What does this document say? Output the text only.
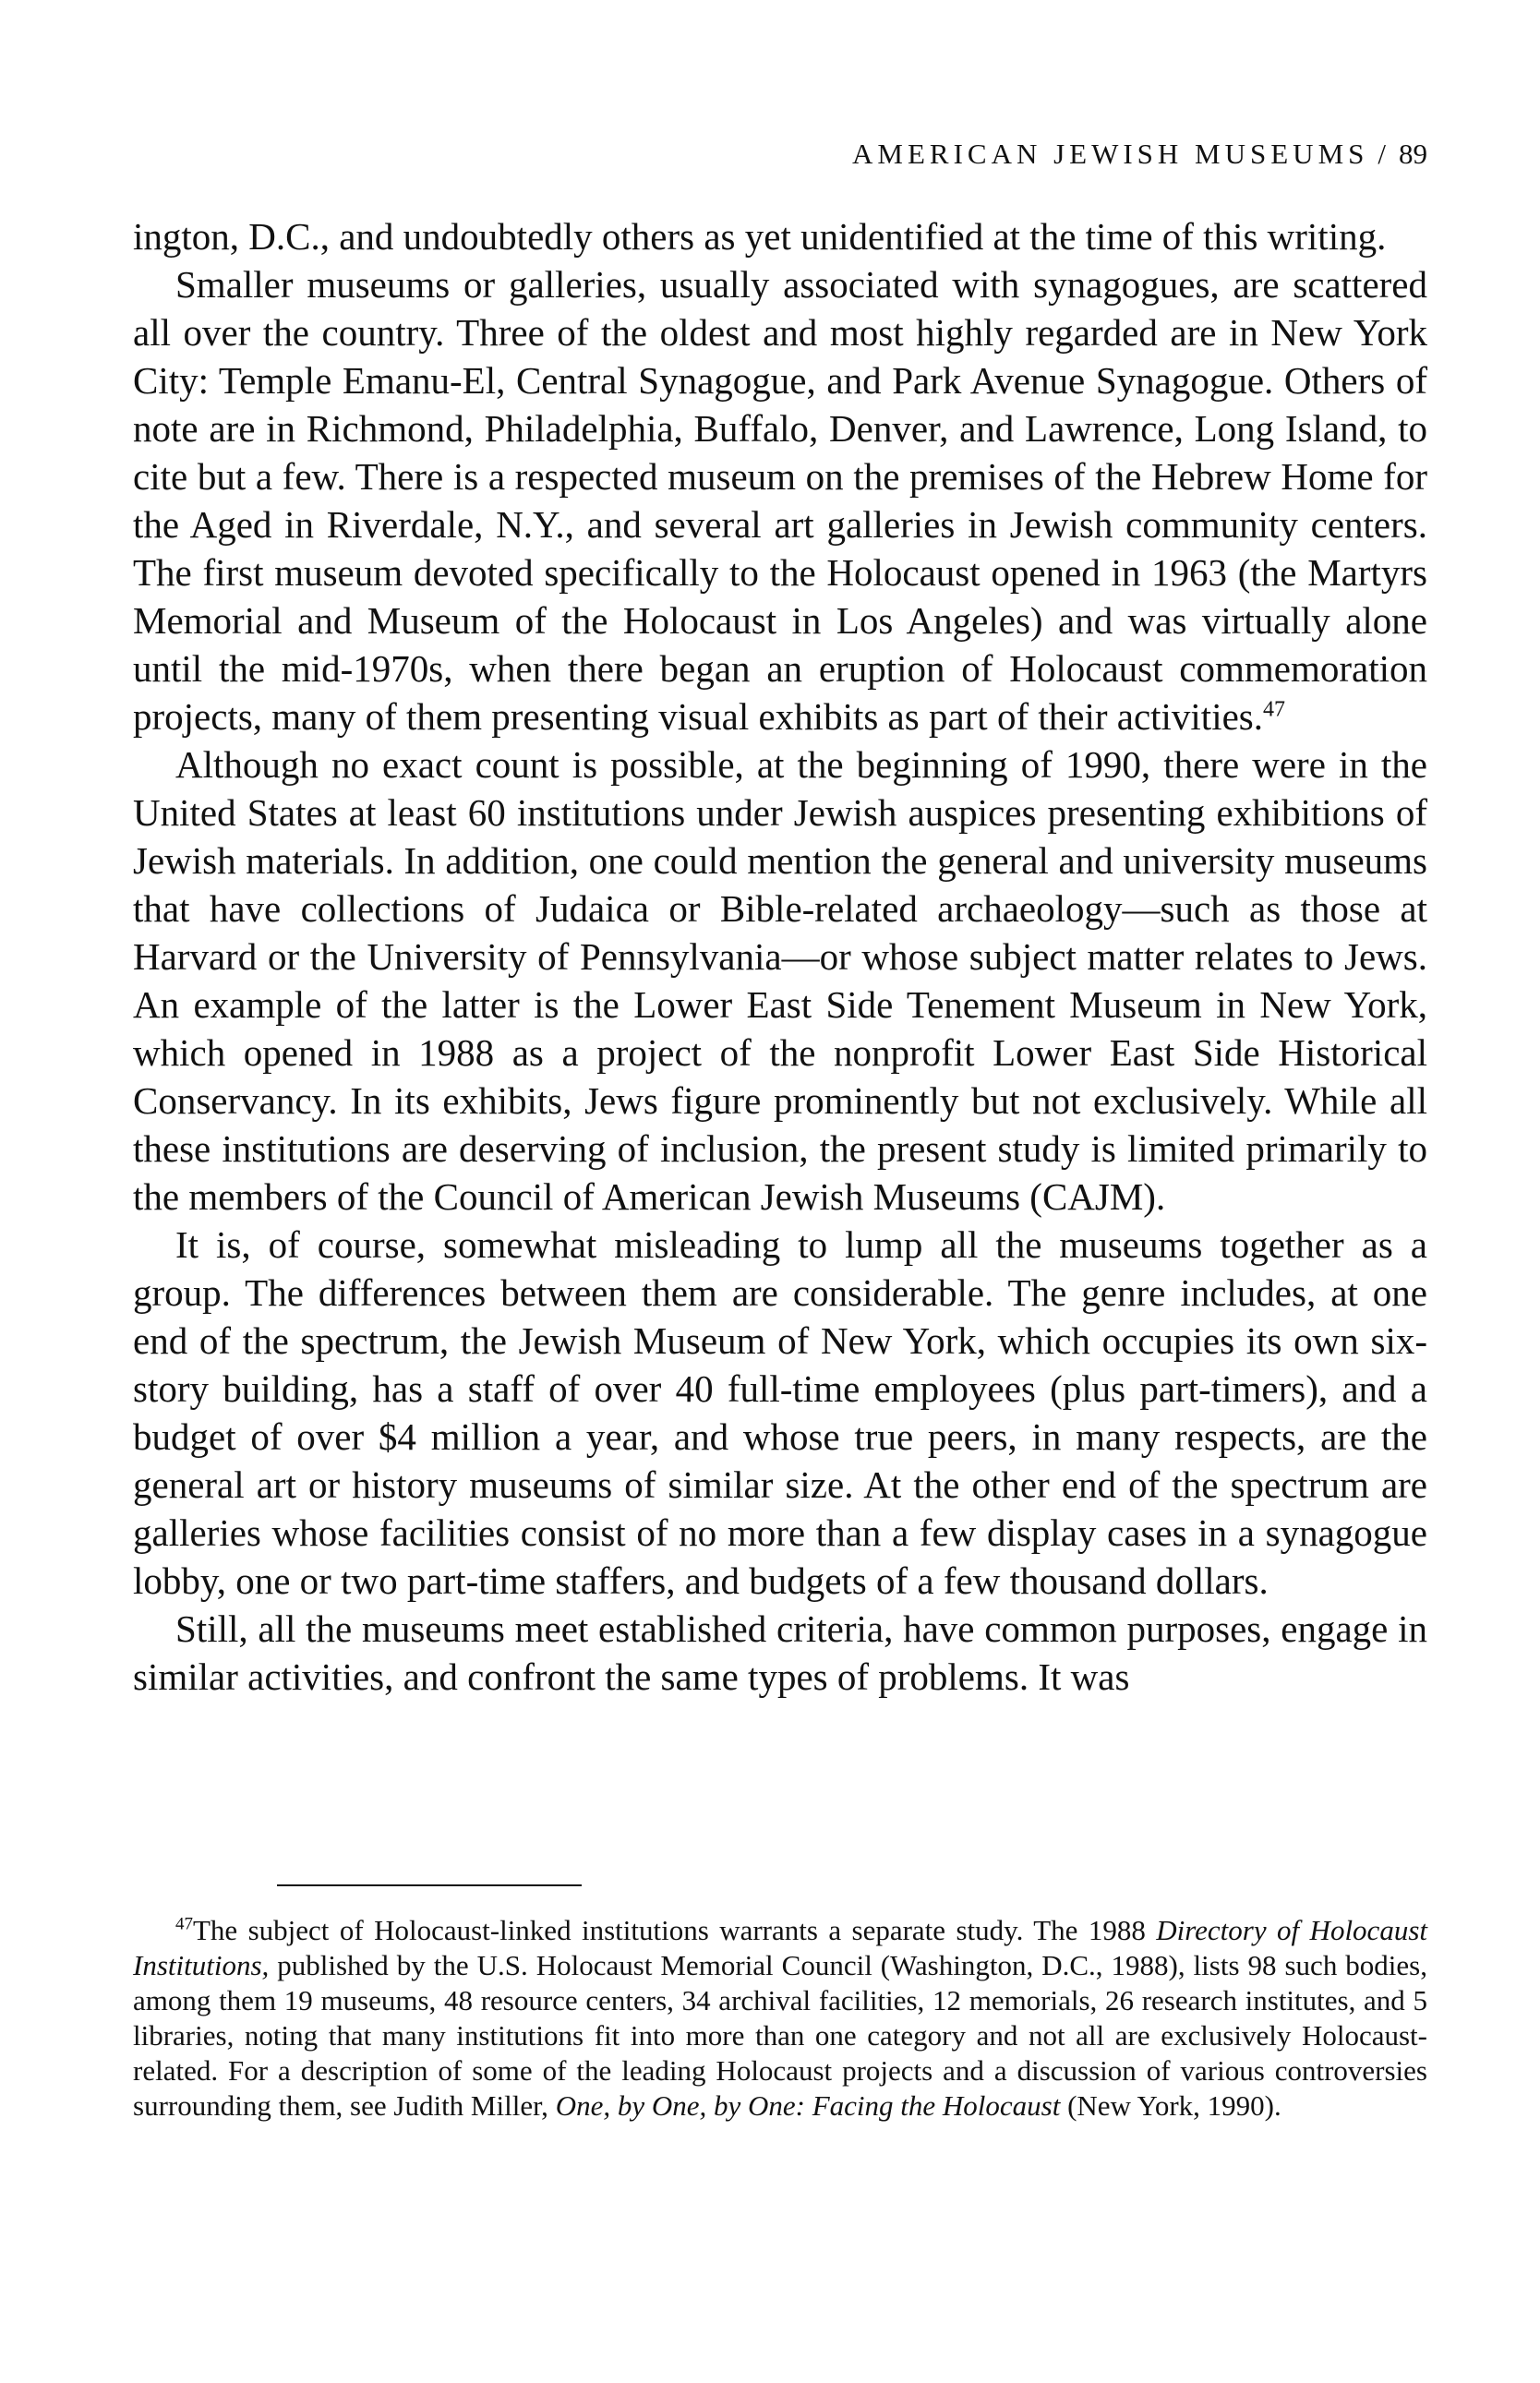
AMERICAN JEWISH MUSEUMS / 89

ington, D.C., and undoubtedly others as yet unidentified at the time of this writing.

Smaller museums or galleries, usually associated with synagogues, are scattered all over the country. Three of the oldest and most highly regarded are in New York City: Temple Emanu-El, Central Synagogue, and Park Avenue Synagogue. Others of note are in Richmond, Philadelphia, Buffalo, Denver, and Lawrence, Long Island, to cite but a few. There is a respected museum on the premises of the Hebrew Home for the Aged in Riverdale, N.Y., and several art galleries in Jewish community centers. The first museum devoted specifically to the Holocaust opened in 1963 (the Martyrs Memorial and Museum of the Holocaust in Los Angeles) and was virtually alone until the mid-1970s, when there began an eruption of Holocaust commemoration projects, many of them presenting visual exhibits as part of their activities.$^{47}$

Although no exact count is possible, at the beginning of 1990, there were in the United States at least 60 institutions under Jewish auspices presenting exhibitions of Jewish materials. In addition, one could mention the general and university museums that have collections of Judaica or Bible-related archaeology—such as those at Harvard or the University of Pennsylvania—or whose subject matter relates to Jews. An example of the latter is the Lower East Side Tenement Museum in New York, which opened in 1988 as a project of the nonprofit Lower East Side Historical Conservancy. In its exhibits, Jews figure prominently but not exclusively. While all these institutions are deserving of inclusion, the present study is limited primarily to the members of the Council of American Jewish Museums (CAJM).

It is, of course, somewhat misleading to lump all the museums together as a group. The differences between them are considerable. The genre includes, at one end of the spectrum, the Jewish Museum of New York, which occupies its own six-story building, has a staff of over 40 full-time employees (plus part-timers), and a budget of over $4 million a year, and whose true peers, in many respects, are the general art or history museums of similar size. At the other end of the spectrum are galleries whose facilities consist of no more than a few display cases in a synagogue lobby, one or two part-time staffers, and budgets of a few thousand dollars.

Still, all the museums meet established criteria, have common purposes, engage in similar activities, and confront the same types of problems. It was

$^{47}$The subject of Holocaust-linked institutions warrants a separate study. The 1988 Directory of Holocaust Institutions, published by the U.S. Holocaust Memorial Council (Washington, D.C., 1988), lists 98 such bodies, among them 19 museums, 48 resource centers, 34 archival facilities, 12 memorials, 26 research institutes, and 5 libraries, noting that many institutions fit into more than one category and not all are exclusively Holocaust-related. For a description of some of the leading Holocaust projects and a discussion of various controversies surrounding them, see Judith Miller, One, by One, by One: Facing the Holocaust (New York, 1990).
